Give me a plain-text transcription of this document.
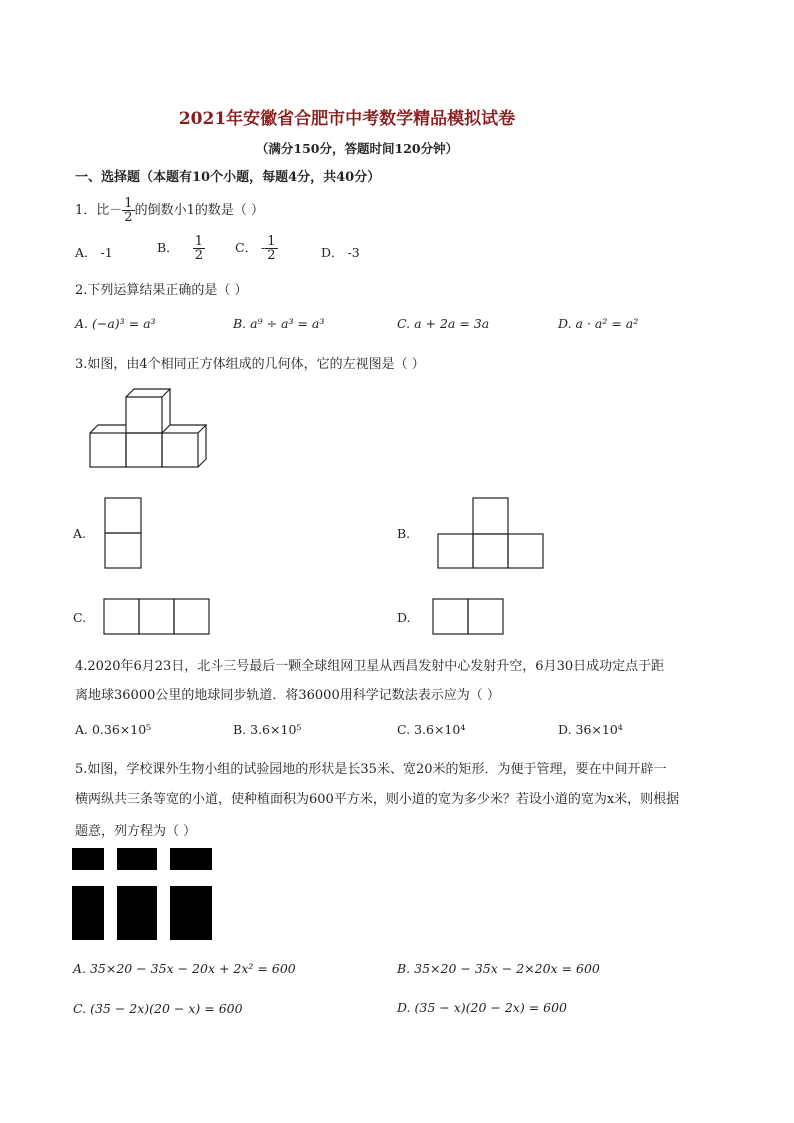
2021年安徽省合肥市中考数学精品模拟试卷
（满分150分，答题时间120分钟）
一、选择题（本题有10个小题，每题4分，共40分）
1．比－ $\frac{1}{2}$ 的倒数小1的数是（ ）
A． -1	B． $\frac{1}{2}$ C． - $\frac{1}{2}$	D． -3
2.下列运算结果正确的是（ ）
A. (−a)³ = a³	B. a⁹ ÷ a³ = a³	C. a + 2a = 3a	D. a · a² = a²
3.如图，由4个相同正方体组成的几何体，它的左视图是（ ）
A.	B.
C.	D.
4.2020年6月23日，北斗三号最后一颗全球组网卫星从西昌发射中心发射升空，6月30日成功定点于距
离地球36000公里的地球同步轨道．将36000用科学记数法表示应为（ ）
A. 0.36×10⁵	B. 3.6×10⁵	C. 3.6×10⁴	D. 36×10⁴
5.如图，学校课外生物小组的试验园地的形状是长35米、宽20米的矩形．为便于管理，要在中间开辟一
横两纵共三条等宽的小道，使种植面积为600平方米，则小道的宽为多少米？若设小道的宽为x米，则根据
题意，列方程为（ ）
A. 35×20 − 35x − 20x + 2x² = 600	B. 35×20 − 35x − 2×20x = 600
C. (35 − 2x)(20 − x) = 600	D. (35 − x)(20 − 2x) = 600
